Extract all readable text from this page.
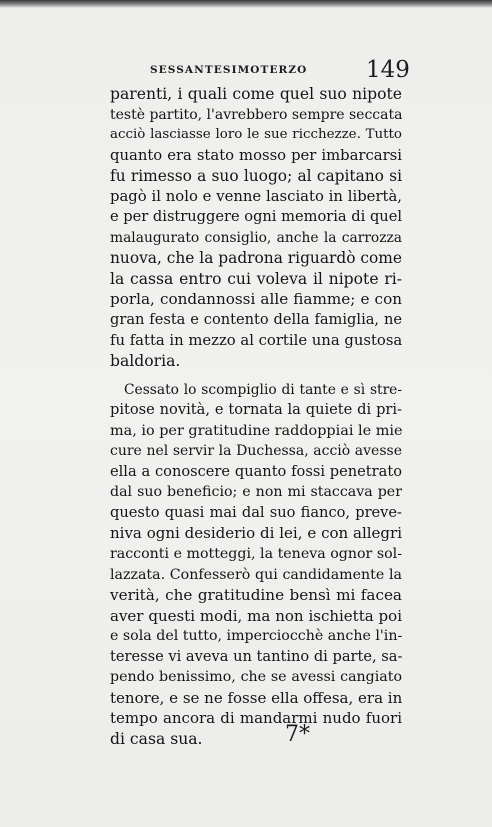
SESSANTESIMOTERZO	149
parenti, i quali come quel suo nipote
testè partito, l'avrebbero sempre seccata
acciò lasciasse loro le sue ricchezze. Tutto
quanto era stato mosso per imbarcarsi
fu rimesso a suo luogo; al capitano si
pagò il nolo e venne lasciato in libertà,
e per distruggere ogni memoria di quel
malaugurato consiglio, anche la carrozza
nuova, che la padrona riguardò come
la cassa entro cui voleva il nipote ri-
porla, condannossi alle fiamme; e con
gran festa e contento della famiglia, ne
fu fatta in mezzo al cortile una gustosa
baldoria.
Cessato lo scompiglio di tante e sì stre-
pitose novità, e tornata la quiete di pri-
ma, io per gratitudine raddoppiai le mie
cure nel servir la Duchessa, acciò avesse
ella a conoscere quanto fossi penetrato
dal suo beneficio; e non mi staccava per
questo quasi mai dal suo fianco, preve-
niva ogni desiderio di lei, e con allegri
racconti e motteggi, la teneva ognor sol-
lazzata. Confesserò qui candidamente la
verità, che gratitudine bensì mi facea
aver questi modi, ma non ischietta poi
e sola del tutto, imperciocchè anche l'in-
teresse vi aveva un tantino di parte, sa-
pendo benissimo, che se avessi cangiato
tenore, e se ne fosse ella offesa, era in
tempo ancora di mandarmi nudo fuori
di casa sua.	7*
